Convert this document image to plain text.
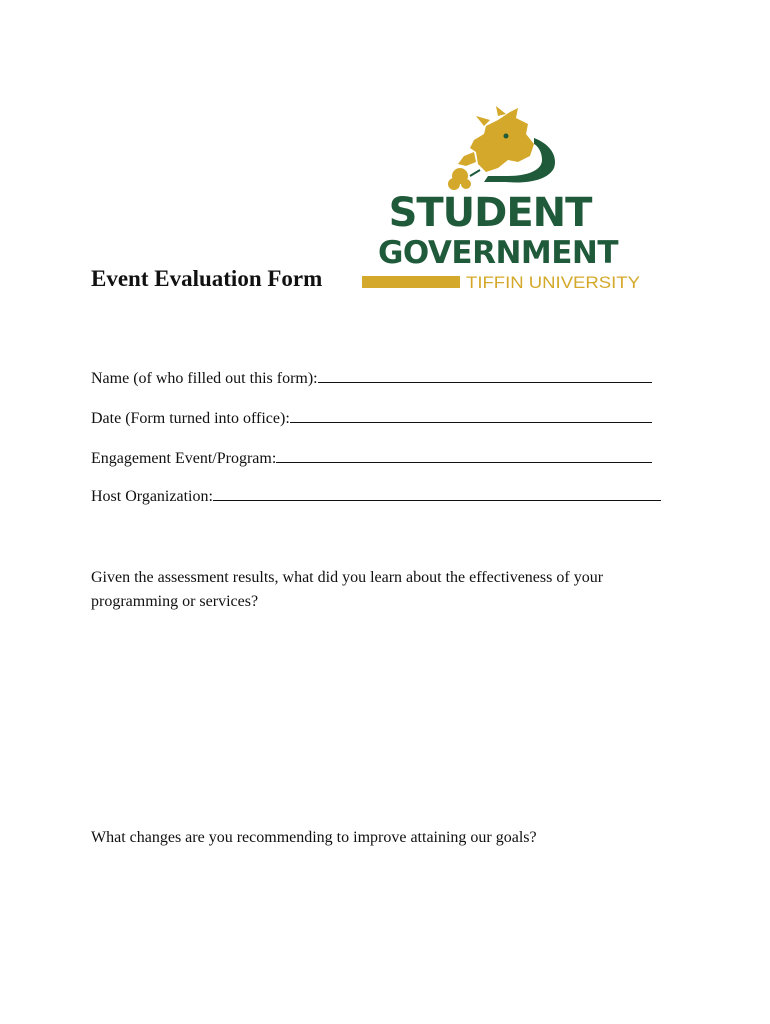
Event Evaluation Form
STUDENT
GOVERNMENT
TIFFIN UNIVERSITY
Name (of who filled out this form):
Date (Form turned into office):
Engagement Event/Program:
Host Organization:
Given the assessment results, what did you learn about the effectiveness of your programming or services?
What changes are you recommending to improve attaining our goals?
